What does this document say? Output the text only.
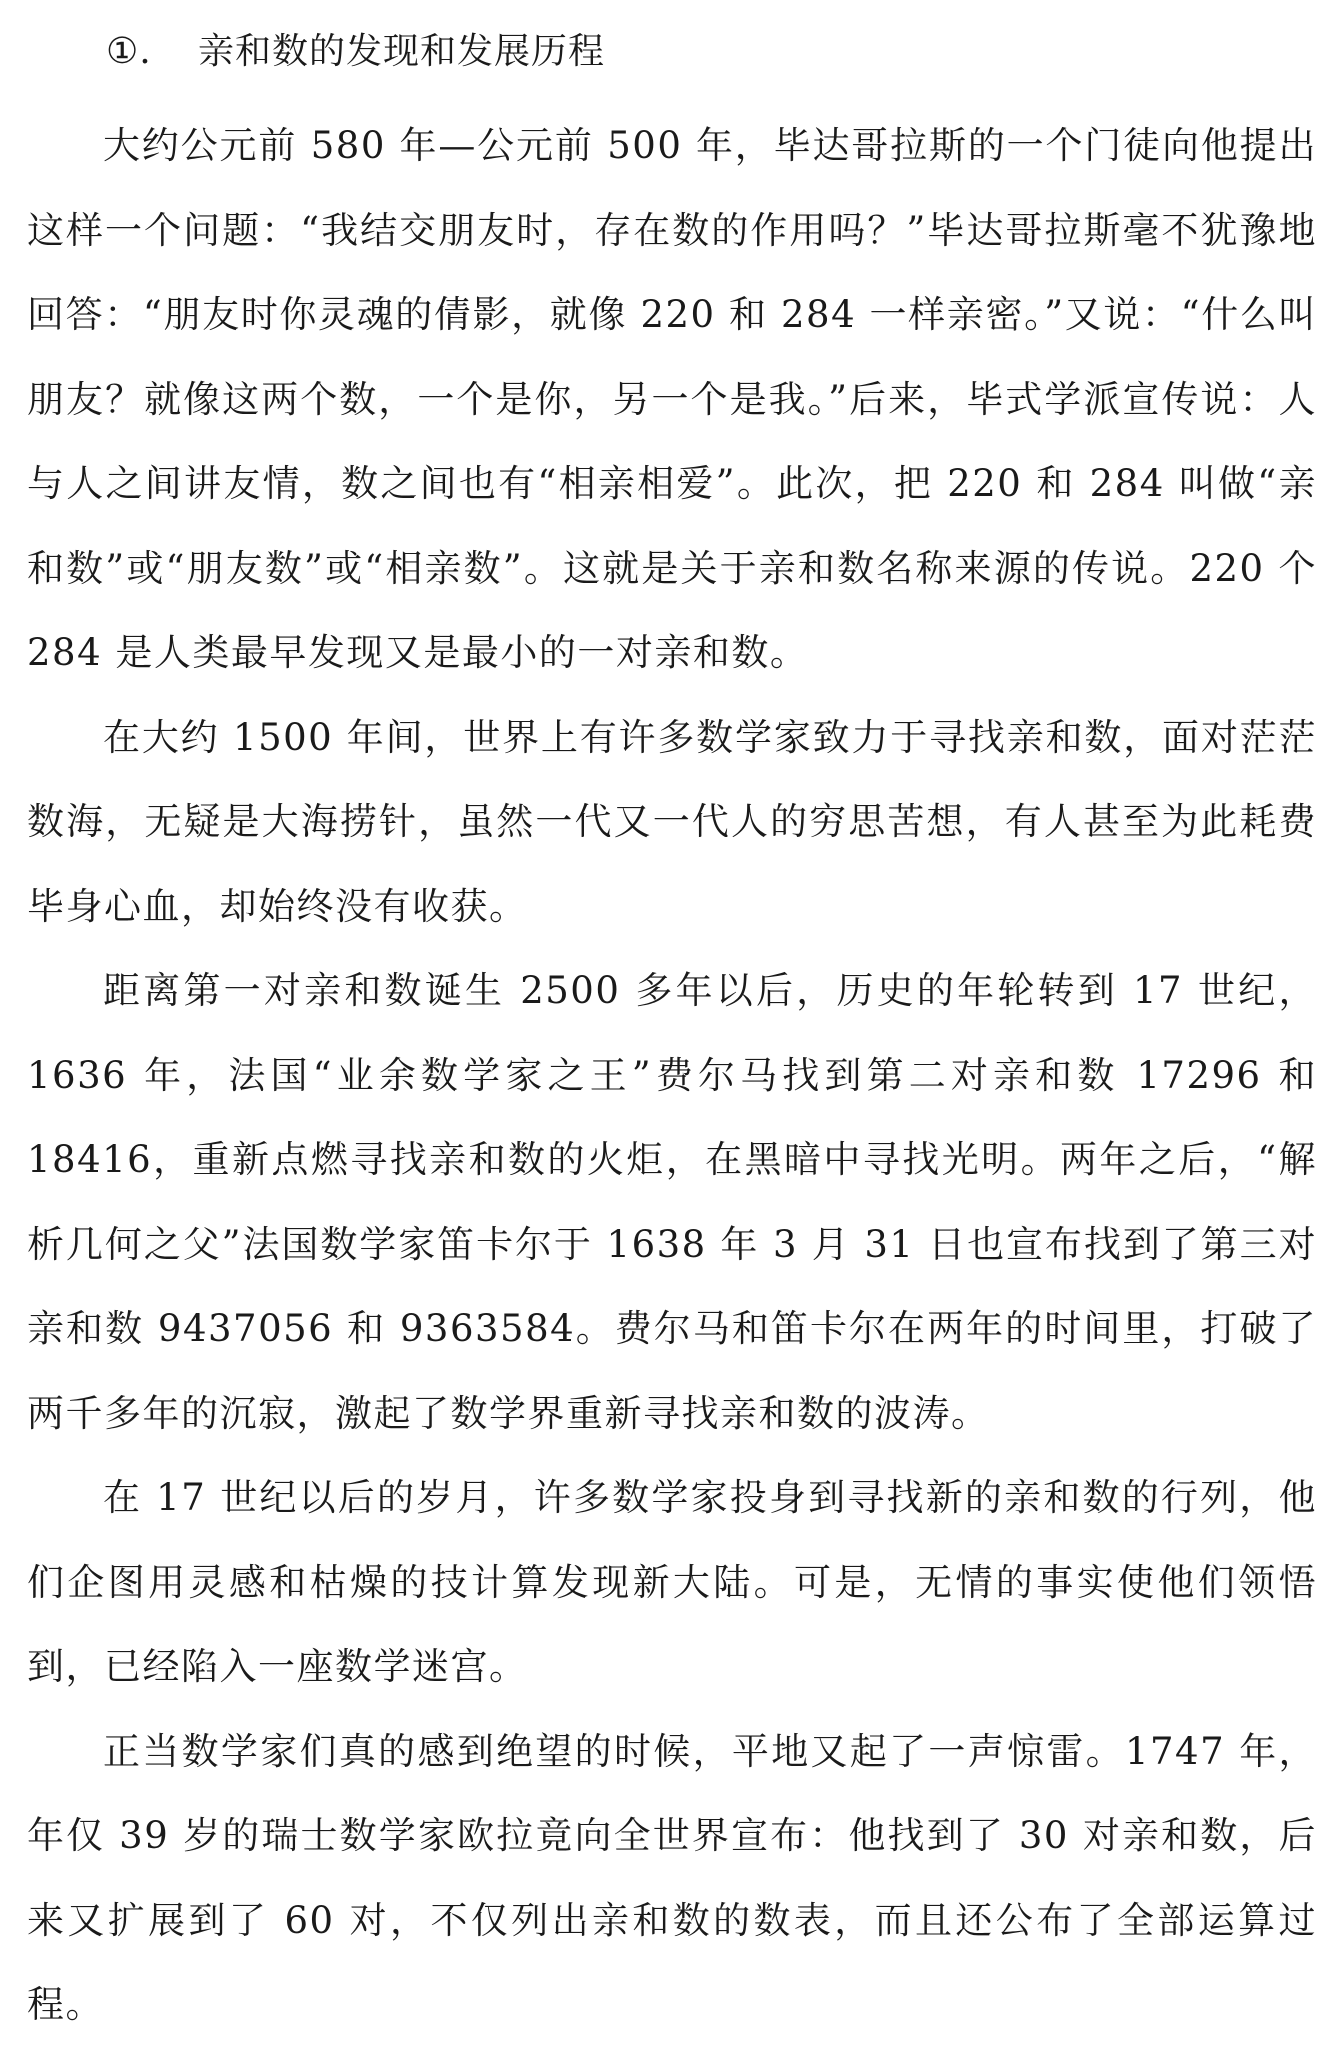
①. 亲和数的发现和发展历程

大约公元前 580 年—公元前 500 年，毕达哥拉斯的一个门徒向他提出这样一个问题：“我结交朋友时，存在数的作用吗？”毕达哥拉斯毫不犹豫地回答：“朋友时你灵魂的倩影，就像 220 和 284 一样亲密。”又说：“什么叫朋友？就像这两个数，一个是你，另一个是我。”后来，毕式学派宣传说：人与人之间讲友情，数之间也有“相亲相爱”。此次，把 220 和 284 叫做“亲和数”或“朋友数”或“相亲数”。这就是关于亲和数名称来源的传说。220 个 284 是人类最早发现又是最小的一对亲和数。

在大约 1500 年间，世界上有许多数学家致力于寻找亲和数，面对茫茫数海，无疑是大海捞针，虽然一代又一代人的穷思苦想，有人甚至为此耗费毕身心血，却始终没有收获。

距离第一对亲和数诞生 2500 多年以后，历史的年轮转到 17 世纪，1636 年，法国“业余数学家之王”费尔马找到第二对亲和数 17296 和 18416，重新点燃寻找亲和数的火炬，在黑暗中寻找光明。两年之后，“解析几何之父”法国数学家笛卡尔于 1638 年 3 月 31 日也宣布找到了第三对亲和数 9437056 和 9363584。费尔马和笛卡尔在两年的时间里，打破了两千多年的沉寂，激起了数学界重新寻找亲和数的波涛。

在 17 世纪以后的岁月，许多数学家投身到寻找新的亲和数的行列，他们企图用灵感和枯燥的技计算发现新大陆。可是，无情的事实使他们领悟到，已经陷入一座数学迷宫。

正当数学家们真的感到绝望的时候，平地又起了一声惊雷。1747 年，年仅 39 岁的瑞士数学家欧拉竟向全世界宣布：他找到了 30 对亲和数，后来又扩展到了 60 对，不仅列出亲和数的数表，而且还公布了全部运算过程。
